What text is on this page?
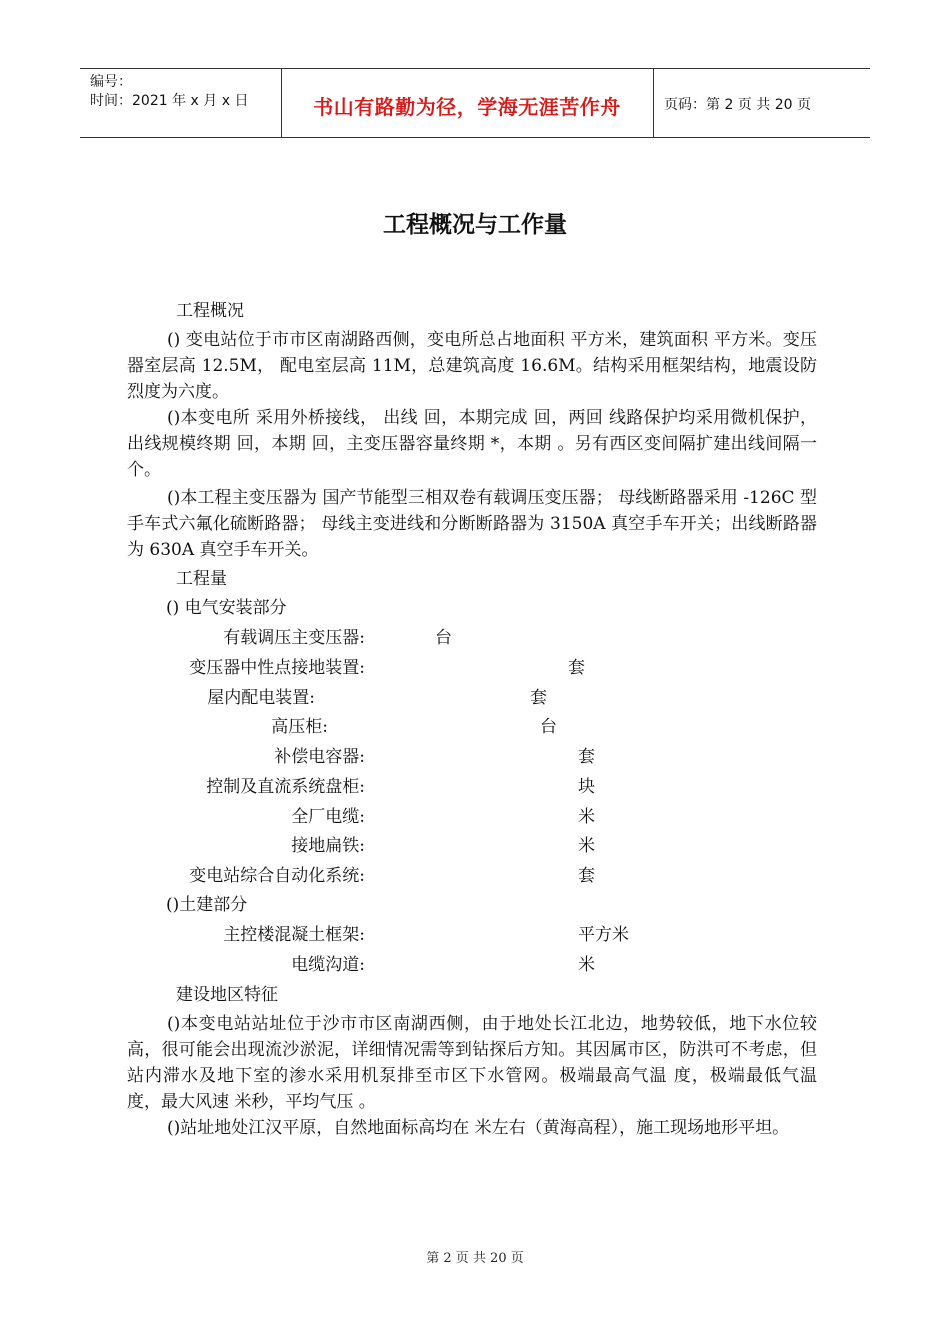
编号：
时间：2021 年 x 月 x 日	书山有路勤为径，学海无涯苦作舟	页码：第 2 页 共 20 页
工程概况与工作量
工程概况
() 变电站位于市市区南湖路西侧，变电所总占地面积 平方米，建筑面积 平方米。变压器室层高 12.5M， 配电室层高 11M，总建筑高度 16.6M。结构采用框架结构，地震设防烈度为六度。
()本变电所 采用外桥接线， 出线 回，本期完成 回，两回 线路保护均采用微机保护， 出线规模终期 回，本期 回，主变压器容量终期 *，本期 。另有西区变间隔扩建出线间隔一个。
()本工程主变压器为 国产节能型三相双卷有载调压变压器； 母线断路器采用 -126C 型手车式六氟化硫断路器； 母线主变进线和分断断路器为 3150A 真空手车开关；出线断路器为 630A 真空手车开关。
工程量
() 电气安装部分
有载调压主变压器:	台
变压器中性点接地装置:	套
屋内配电装置:	套
高压柜:	台
补偿电容器:	套
控制及直流系统盘柜:	块
全厂电缆:	米
接地扁铁:	米
变电站综合自动化系统:	套
()土建部分
主控楼混凝土框架:	平方米
电缆沟道:	米
建设地区特征
()本变电站站址位于沙市市区南湖西侧，由于地处长江北边，地势较低，地下水位较高，很可能会出现流沙淤泥，详细情况需等到钻探后方知。其因属市区，防洪可不考虑，但站内滞水及地下室的渗水采用机泵排至市区下水管网。极端最高气温 度，极端最低气温 度，最大风速 米秒，平均气压 。
()站址地处江汉平原，自然地面标高均在 米左右（黄海高程），施工现场地形平坦。
第 2 页 共 20 页
